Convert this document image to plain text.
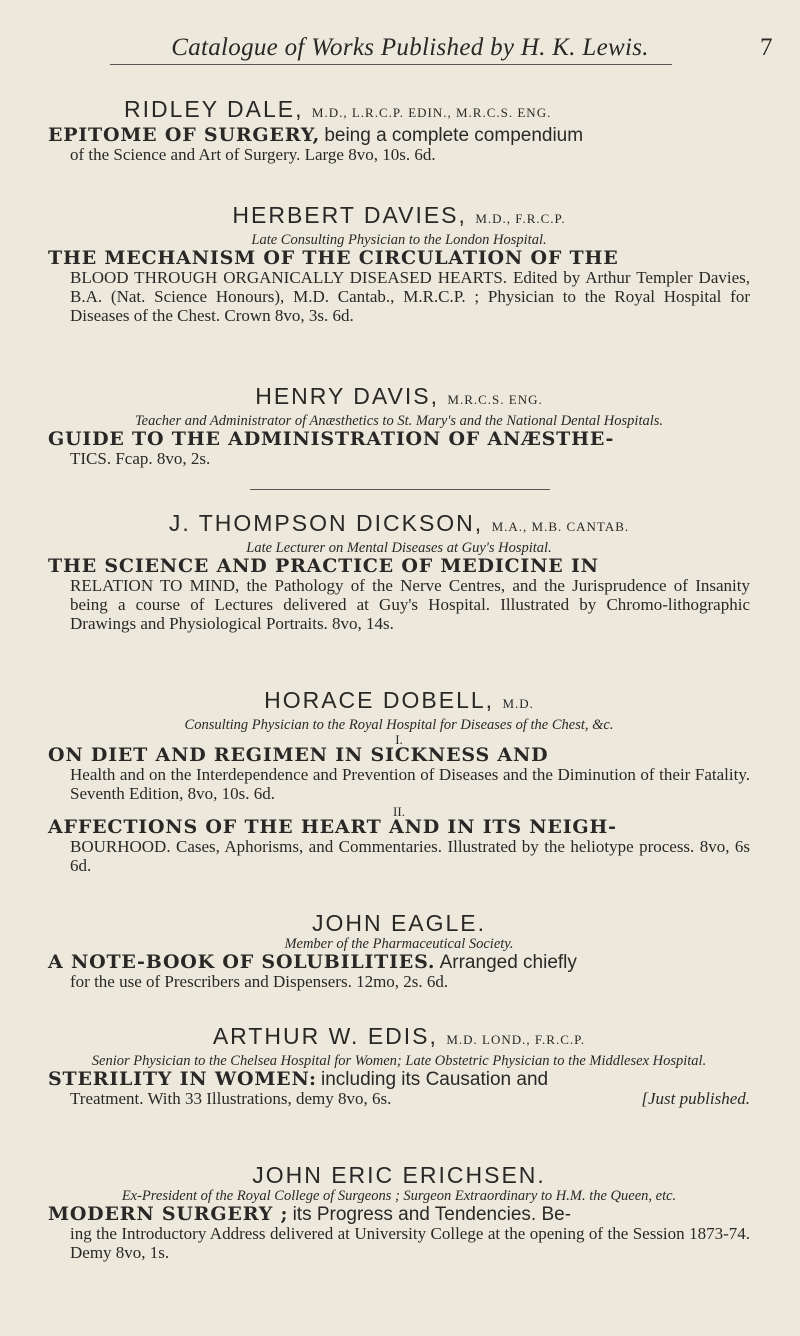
Catalogue of Works Published by H. K. Lewis.	7
RIDLEY DALE, M.D., L.R.C.P. EDIN., M.R.C.S. ENG.
EPITOME OF SURGERY, being a complete compendium
of the Science and Art of Surgery. Large 8vo, 10s. 6d.
HERBERT DAVIES, M.D., F.R.C.P.
Late Consulting Physician to the London Hospital.
THE MECHANISM OF THE CIRCULATION OF THE
BLOOD THROUGH ORGANICALLY DISEASED HEARTS. Edited by Arthur Templer Davies, B.A. (Nat. Science Honours), M.D. Cantab., M.R.C.P. ; Physician to the Royal Hospital for Diseases of the Chest. Crown 8vo, 3s. 6d.
HENRY DAVIS, M.R.C.S. ENG.
Teacher and Administrator of Anæsthetics to St. Mary's and the National Dental Hospitals.
GUIDE TO THE ADMINISTRATION OF ANÆSTHE-
TICS. Fcap. 8vo, 2s.
J. THOMPSON DICKSON, M.A., M.B. CANTAB.
Late Lecturer on Mental Diseases at Guy's Hospital.
THE SCIENCE AND PRACTICE OF MEDICINE IN
RELATION TO MIND, the Pathology of the Nerve Centres, and the Jurisprudence of Insanity being a course of Lectures delivered at Guy's Hospital. Illustrated by Chromo-lithographic Drawings and Physiological Portraits. 8vo, 14s.
HORACE DOBELL, M.D.
Consulting Physician to the Royal Hospital for Diseases of the Chest, &c.
I.
ON DIET AND REGIMEN IN SICKNESS AND
Health and on the Interdependence and Prevention of Diseases and the Diminution of their Fatality. Seventh Edition, 8vo, 10s. 6d.
II.
AFFECTIONS OF THE HEART AND IN ITS NEIGH-
BOURHOOD. Cases, Aphorisms, and Commentaries. Illustrated by the heliotype process. 8vo, 6s 6d.
JOHN EAGLE.
Member of the Pharmaceutical Society.
A NOTE-BOOK OF SOLUBILITIES. Arranged chiefly
for the use of Prescribers and Dispensers. 12mo, 2s. 6d.
ARTHUR W. EDIS, M.D. LOND., F.R.C.P.
Senior Physician to the Chelsea Hospital for Women; Late Obstetric Physician to the Middlesex Hospital.
STERILITY IN WOMEN: including its Causation and
Treatment. With 33 Illustrations, demy 8vo, 6s.	[Just published.
JOHN ERIC ERICHSEN.
Ex-President of the Royal College of Surgeons ; Surgeon Extraordinary to H.M. the Queen, etc.
MODERN SURGERY ; its Progress and Tendencies. Be-
ing the Introductory Address delivered at University College at the opening of the Session 1873-74. Demy 8vo, 1s.
